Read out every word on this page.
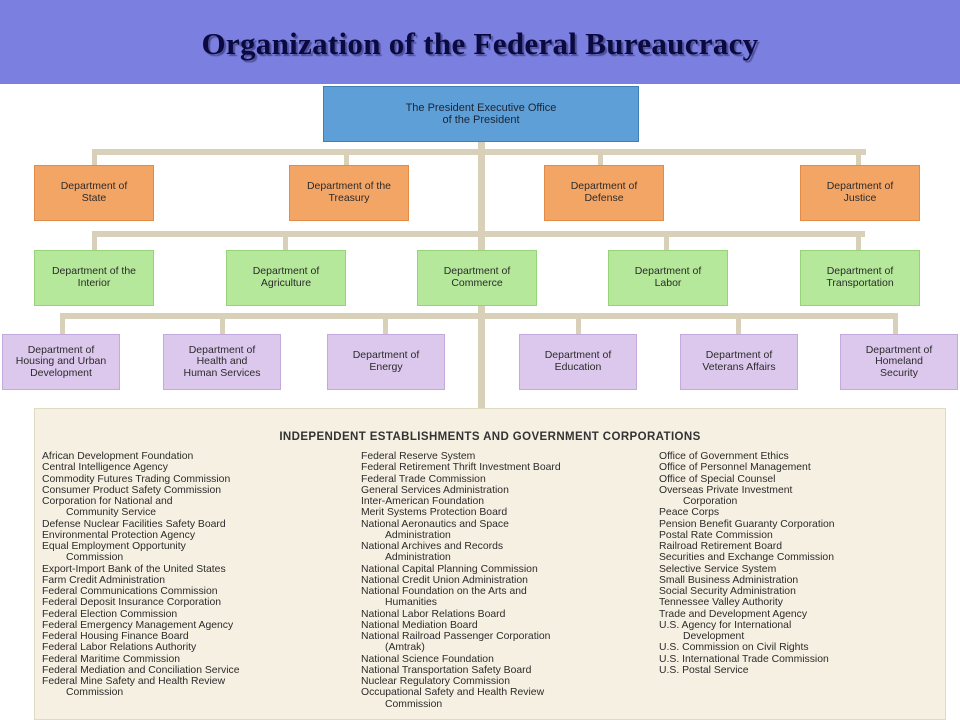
Organization of the Federal Bureaucracy
The President Executive Office of the President
Department of State
Department of the Treasury
Department of Defense
Department of Justice
Department of the Interior
Department of Agriculture
Department of Commerce
Department of Labor
Department of Transportation
Department of Housing and Urban Development
Department of Health and Human Services
Department of Energy
Department of Education
Department of Veterans Affairs
Department of Homeland Security
INDEPENDENT ESTABLISHMENTS AND GOVERNMENT CORPORATIONS
African Development Foundation
Central Intelligence Agency
Commodity Futures Trading Commission
Consumer Product Safety Commission
Corporation for National and
Community Service
Defense Nuclear Facilities Safety Board
Environmental Protection Agency
Equal Employment Opportunity
Commission
Export-Import Bank of the United States
Farm Credit Administration
Federal Communications Commission
Federal Deposit Insurance Corporation
Federal Election Commission
Federal Emergency Management Agency
Federal Housing Finance Board
Federal Labor Relations Authority
Federal Maritime Commission
Federal Mediation and Conciliation Service
Federal Mine Safety and Health Review
Commission
Federal Reserve System
Federal Retirement Thrift Investment Board
Federal Trade Commission
General Services Administration
Inter-American Foundation
Merit Systems Protection Board
National Aeronautics and Space
Administration
National Archives and Records
Administration
National Capital Planning Commission
National Credit Union Administration
National Foundation on the Arts and
Humanities
National Labor Relations Board
National Mediation Board
National Railroad Passenger Corporation
(Amtrak)
National Science Foundation
National Transportation Safety Board
Nuclear Regulatory Commission
Occupational Safety and Health Review
Commission
Office of Government Ethics
Office of Personnel Management
Office of Special Counsel
Overseas Private Investment
Corporation
Peace Corps
Pension Benefit Guaranty Corporation
Postal Rate Commission
Railroad Retirement Board
Securities and Exchange Commission
Selective Service System
Small Business Administration
Social Security Administration
Tennessee Valley Authority
Trade and Development Agency
U.S. Agency for International
Development
U.S. Commission on Civil Rights
U.S. International Trade Commission
U.S. Postal Service
